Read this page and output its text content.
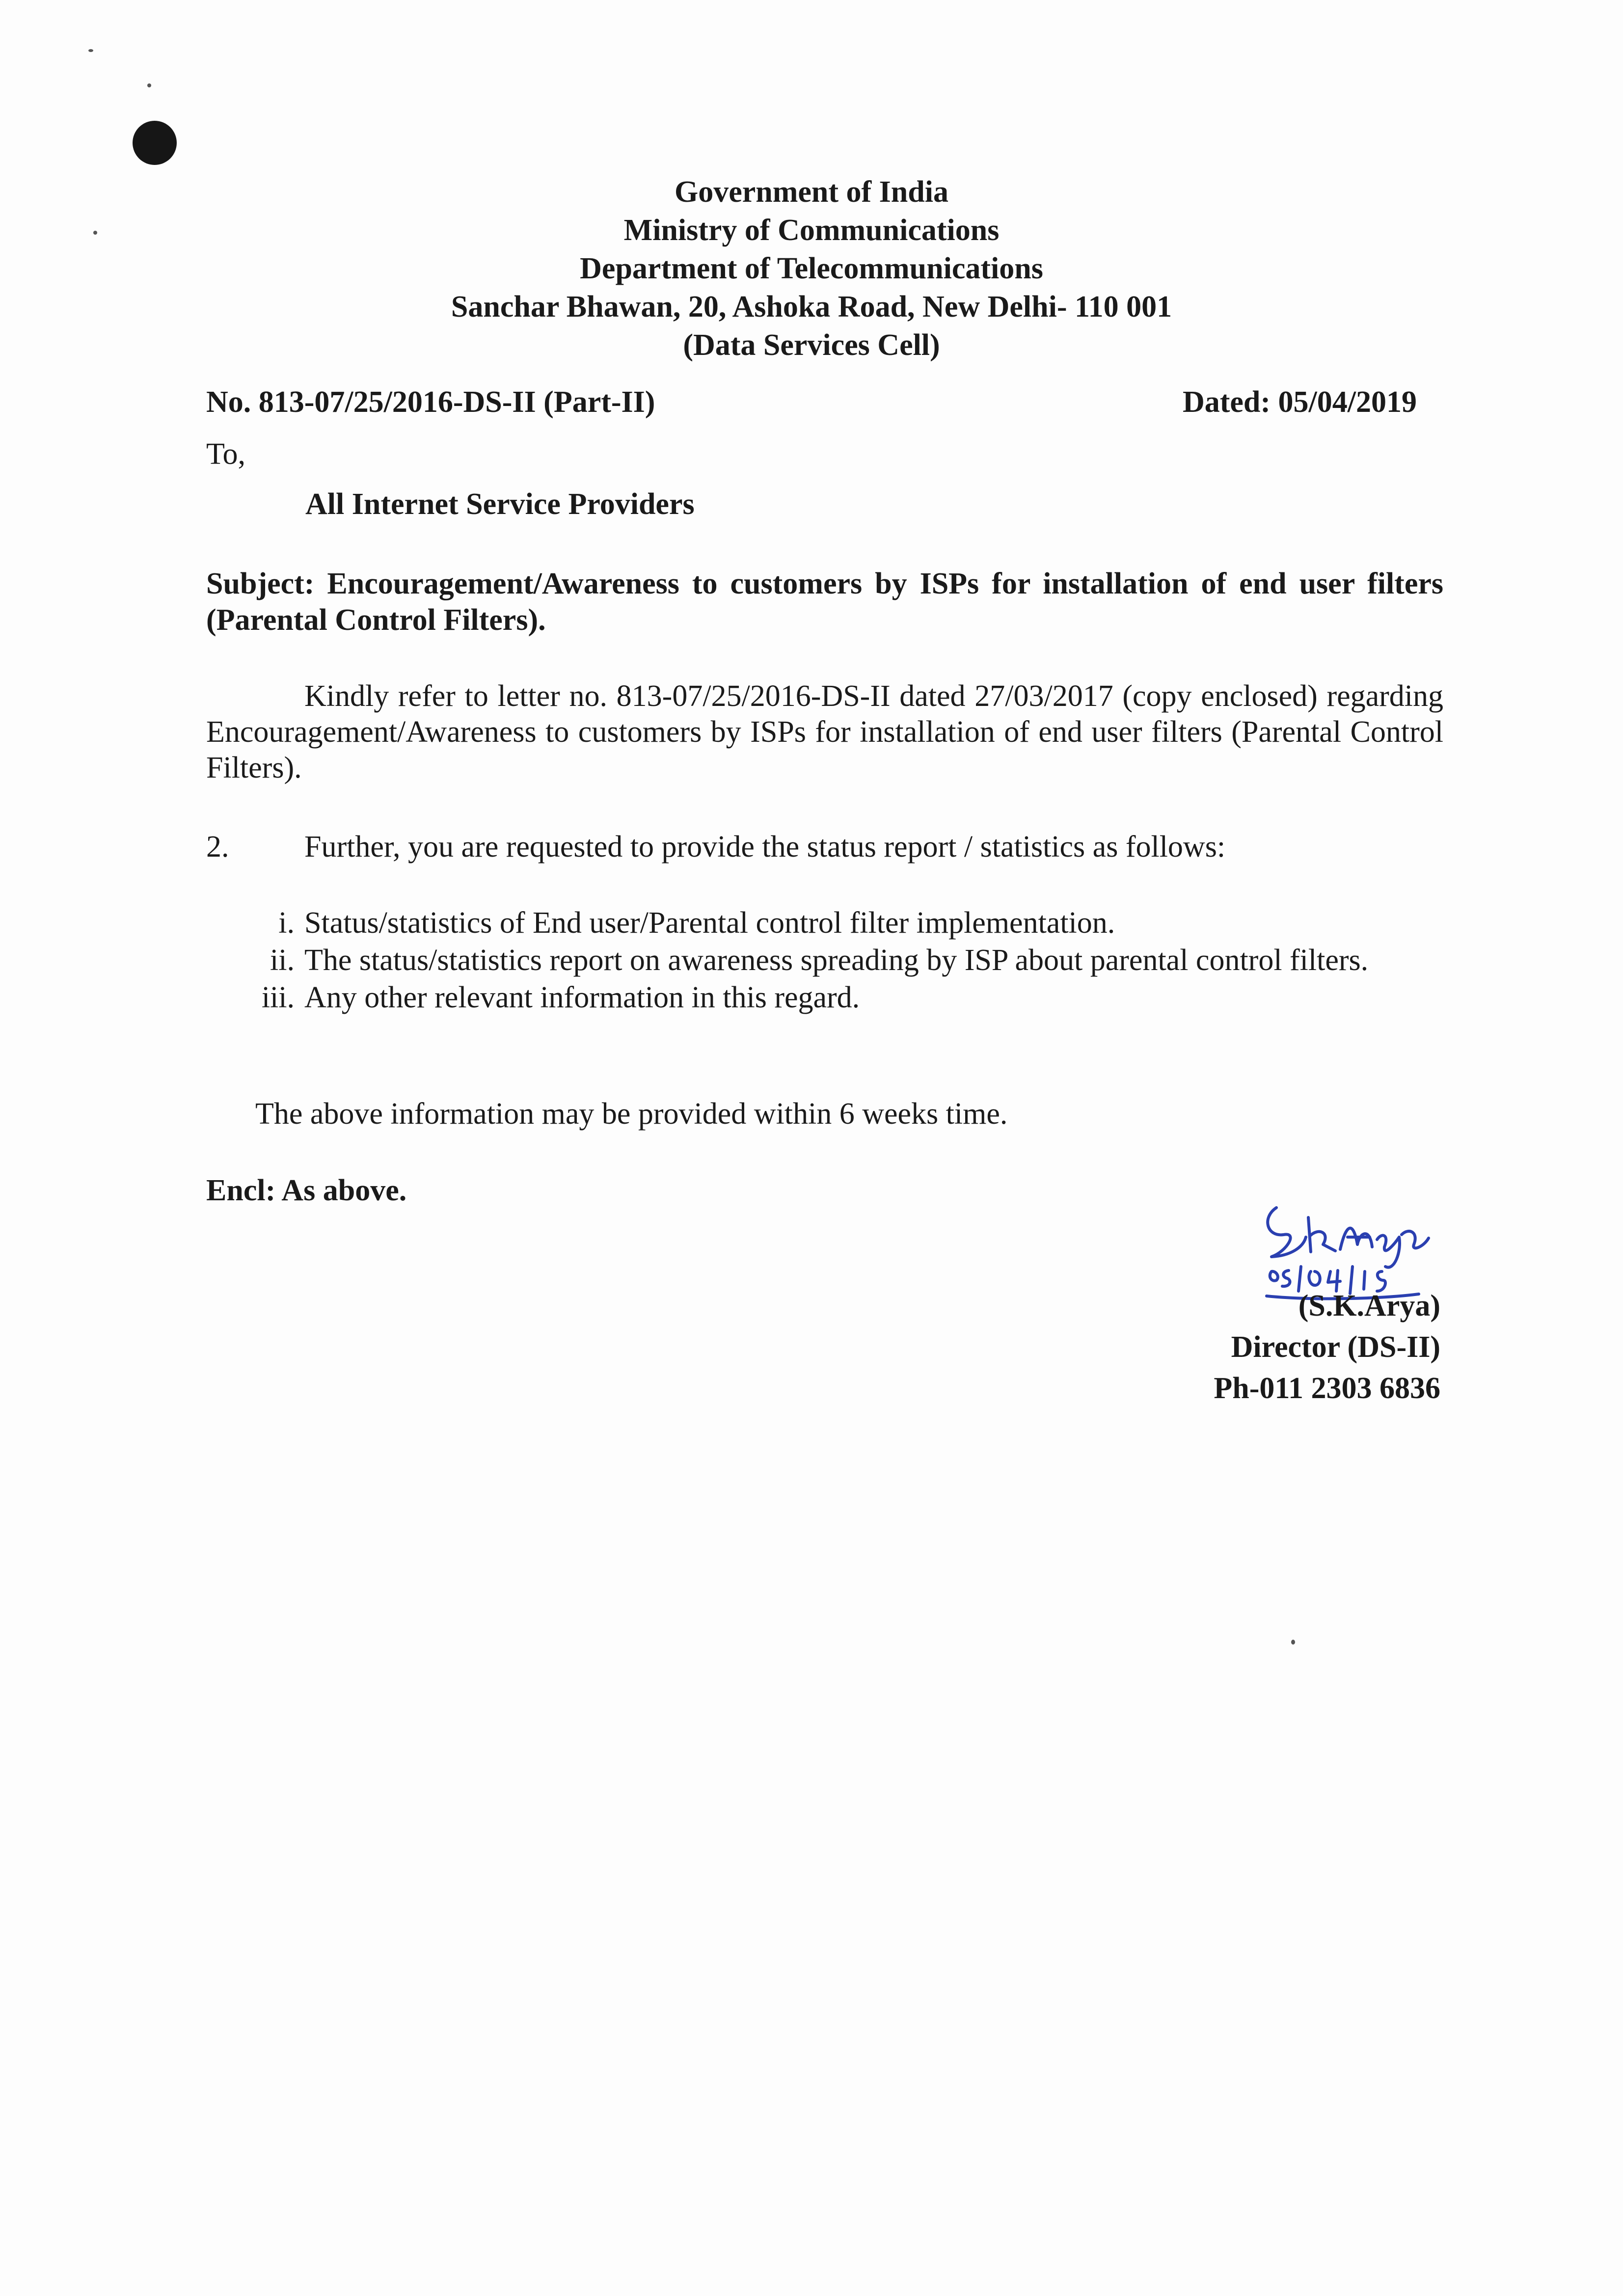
Government of India
Ministry of Communications
Department of Telecommunications
Sanchar Bhawan, 20, Ashoka Road, New Delhi- 110 001
(Data Services Cell)
No. 813-07/25/2016-DS-II (Part-II)	Dated: 05/04/2019
To,
All Internet Service Providers
Subject: Encouragement/Awareness to customers by ISPs for installation of end user filters (Parental Control Filters).
Kindly refer to letter no. 813-07/25/2016-DS-II dated 27/03/2017 (copy enclosed) regarding Encouragement/Awareness to customers by ISPs for installation of end user filters (Parental Control Filters).
2. Further, you are requested to provide the status report / statistics as follows:
i. Status/statistics of End user/Parental control filter implementation.
ii. The status/statistics report on awareness spreading by ISP about parental control filters.
iii. Any other relevant information in this regard.
The above information may be provided within 6 weeks time.
Encl: As above.
(S.K.Arya)
Director (DS-II)
Ph-011 2303 6836
